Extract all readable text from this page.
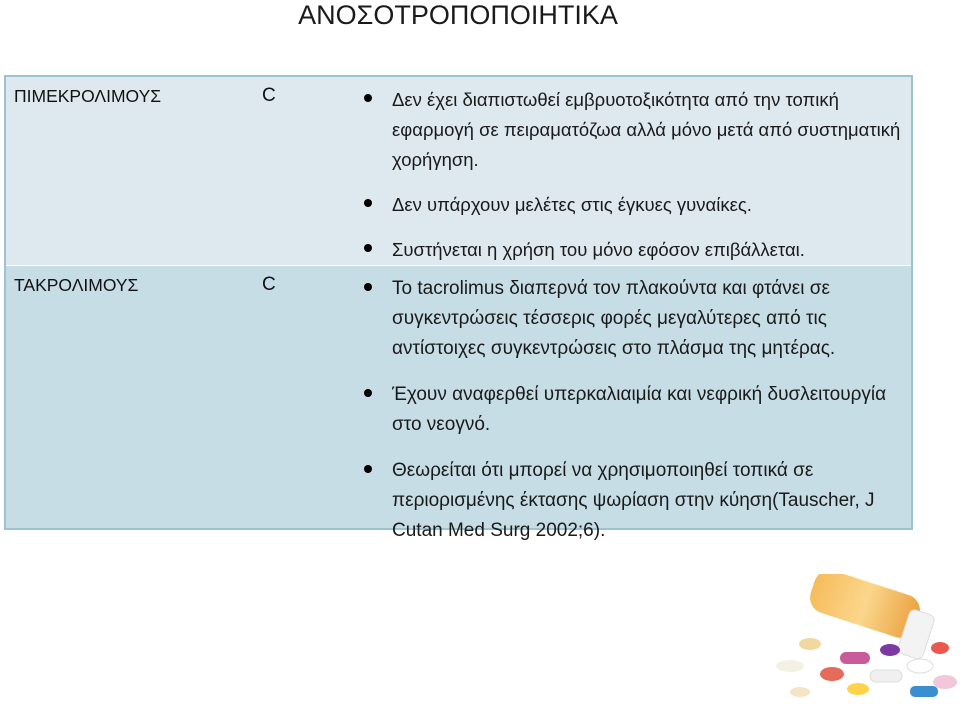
ΑΝΟΣΟΤΡΟΠΟΠΟΙΗΤΙΚΑ
ΠΙΜΕΚΡΟΛΙΜΟΥΣ	C	Δεν έχει διαπιστωθεί εμβρυοτοξικότητα από την τοπική εφαρμογή σε πειραματόζωα αλλά μόνο μετά από συστηματική χορήγηση.
Δεν υπάρχουν μελέτες στις έγκυες γυναίκες.
Συστήνεται η χρήση του μόνο εφόσον επιβάλλεται.
ΤΑΚΡΟΛΙΜΟΥΣ	C	Το tacrolimus διαπερνά τον πλακούντα και φτάνει σε συγκεντρώσεις τέσσερις φορές μεγαλύτερες από τις αντίστοιχες συγκεντρώσεις στο πλάσμα της μητέρας.
Έχουν αναφερθεί υπερκαλιαιμία και νεφρική δυσλειτουργία στο νεογνό.
Θεωρείται ότι μπορεί να χρησιμοποιηθεί τοπικά σε περιορισμένης έκτασης ψωρίαση στην κύηση(Tauscher, J Cutan Med Surg 2002;6).
